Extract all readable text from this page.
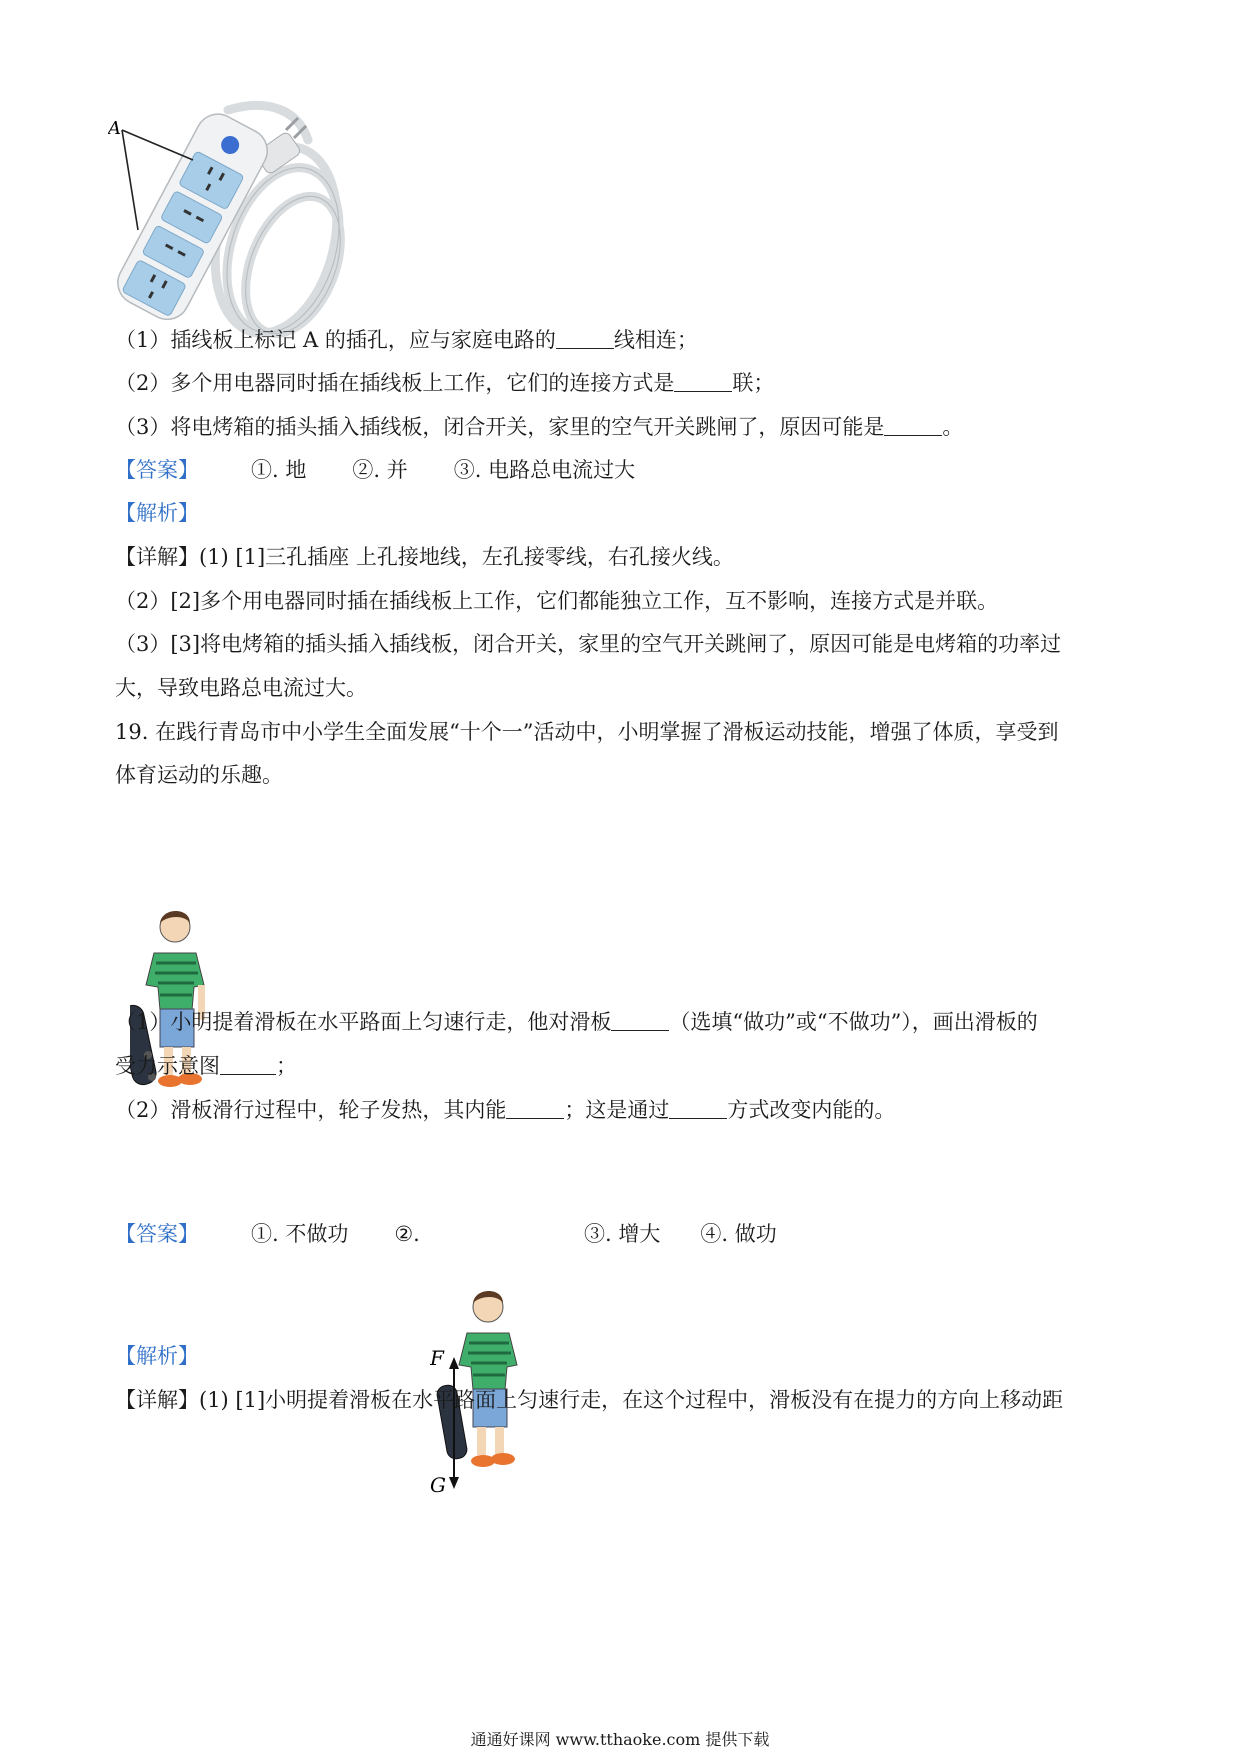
A
（1）插线板上标记 A 的插孔，应与家庭电路的	线相连；
（2）多个用电器同时插在插线板上工作，它们的连接方式是	联；
（3）将电烤箱的插头插入插线板，闭合开关，家里的空气开关跳闸了，原因可能是	。
【答案】 ①. 地 ②. 并 ③. 电路总电流过大
【解析】
【详解】(1) [1]三孔插座 上孔接地线，左孔接零线，右孔接火线。
（2）[2]多个用电器同时插在插线板上工作，它们都能独立工作，互不影响，连接方式是并联。
（3）[3]将电烤箱的插头插入插线板，闭合开关，家里的空气开关跳闸了，原因可能是电烤箱的功率过
大，导致电路总电流过大。
19. 在践行青岛市中小学生全面发展“十个一”活动中，小明掌握了滑板运动技能，增强了体质，享受到
体育运动的乐趣。
（1）小明提着滑板在水平路面上匀速行走，他对滑板	（选填“做功”或“不做功”），画出滑板的
受力示意图	；
（2）滑板滑行过程中，轮子发热，其内能	；这是通过	方式改变内能的。
【答案】 ①. 不做功 ②.	③. 增大 ④. 做功
F
G
【解析】
【详解】(1) [1]小明提着滑板在水平路面上匀速行走，在这个过程中，滑板没有在提力的方向上移动距
通通好课网 www.tthaoke.com 提供下载
